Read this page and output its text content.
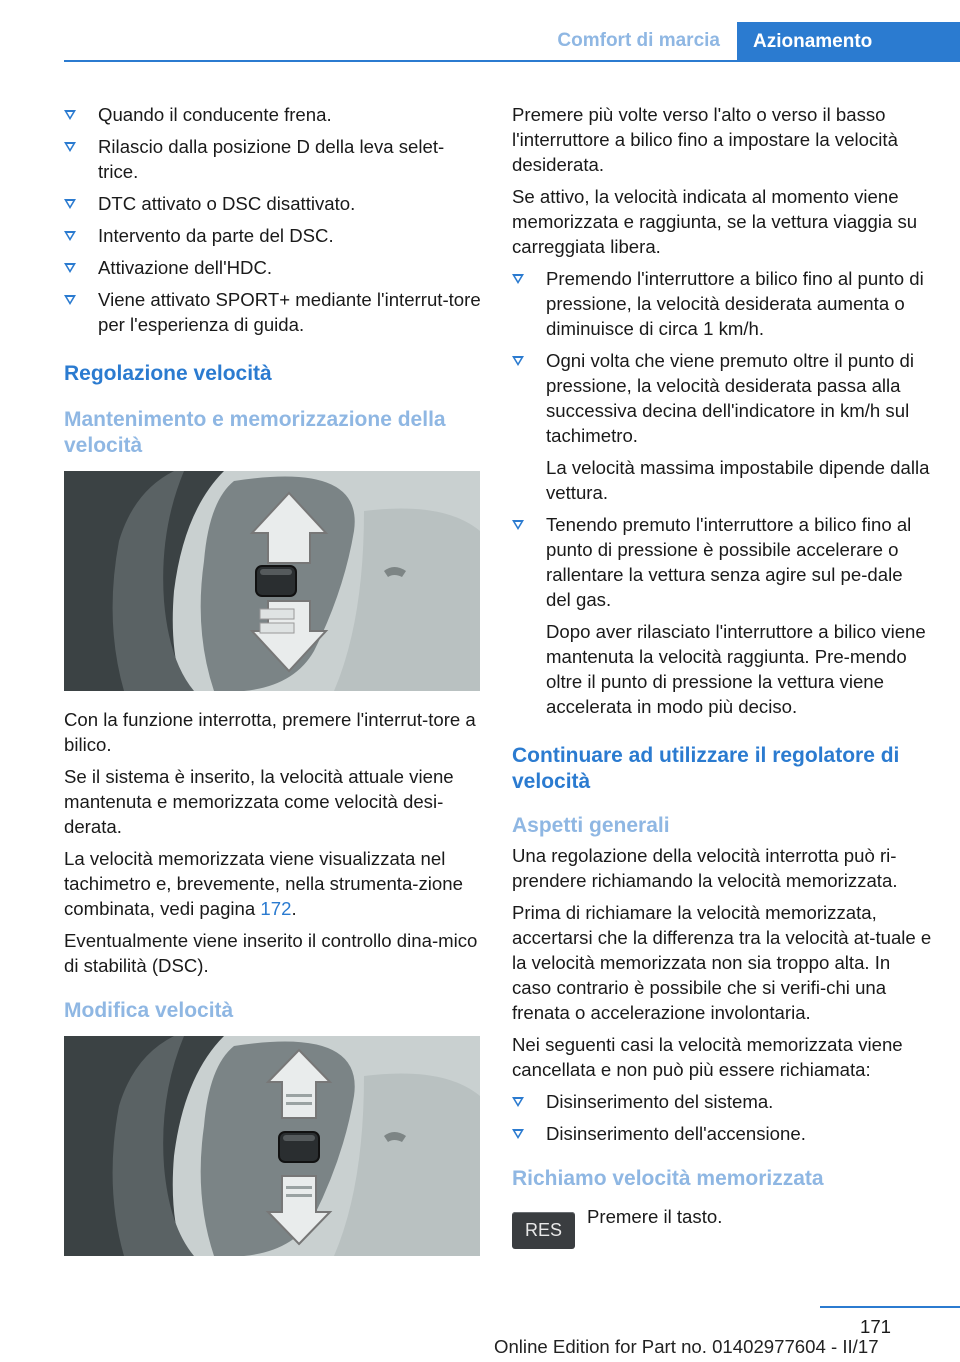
Comfort di marcia	Azionamento
Quando il conducente frena.
Rilascio dalla posizione D della leva selet-trice.
DTC attivato o DSC disattivato.
Intervento da parte del DSC.
Attivazione dell'HDC.
Viene attivato SPORT+ mediante l'interrut-tore per l'esperienza di guida.
Regolazione velocità
Mantenimento e memorizzazione della velocità

Con la funzione interrotta, premere l'interrut-tore a bilico.

Se il sistema è inserito, la velocità attuale viene mantenuta e memorizzata come velocità desi-derata.

La velocità memorizzata viene visualizzata nel tachimetro e, brevemente, nella strumenta-zione combinata, vedi pagina 172.

Eventualmente viene inserito il controllo dina-mico di stabilità (DSC).

Modifica velocità

Premere più volte verso l'alto o verso il basso l'interruttore a bilico fino a impostare la velocità desiderata.

Se attivo, la velocità indicata al momento viene memorizzata e raggiunta, se la vettura viaggia su carreggiata libera.

Premendo l'interruttore a bilico fino al punto di pressione, la velocità desiderata aumenta o diminuisce di circa 1 km/h.
Ogni volta che viene premuto oltre il punto di pressione, la velocità desiderata passa alla successiva decina dell'indicatore in km/h sul tachimetro.
La velocità massima impostabile dipende dalla vettura.
Tenendo premuto l'interruttore a bilico fino al punto di pressione è possibile accelerare o rallentare la vettura senza agire sul pe-dale del gas.
Dopo aver rilasciato l'interruttore a bilico viene mantenuta la velocità raggiunta. Pre-mendo oltre il punto di pressione la vettura viene accelerata in modo più deciso.
Continuare ad utilizzare il regolatore di velocità
Aspetti generali

Una regolazione della velocità interrotta può ri-prendere richiamando la velocità memorizzata.

Prima di richiamare la velocità memorizzata, accertarsi che la differenza tra la velocità at-tuale e la velocità memorizzata non sia troppo alta. In caso contrario è possibile che si verifi-chi una frenata o accelerazione involontaria.

Nei seguenti casi la velocità memorizzata viene cancellata e non può più essere richiamata:

Disinserimento del sistema.
Disinserimento dell'accensione.
Richiamo velocità memorizzata
RES
Premere il tasto.
171
Online Edition for Part no. 01402977604 - II/17
